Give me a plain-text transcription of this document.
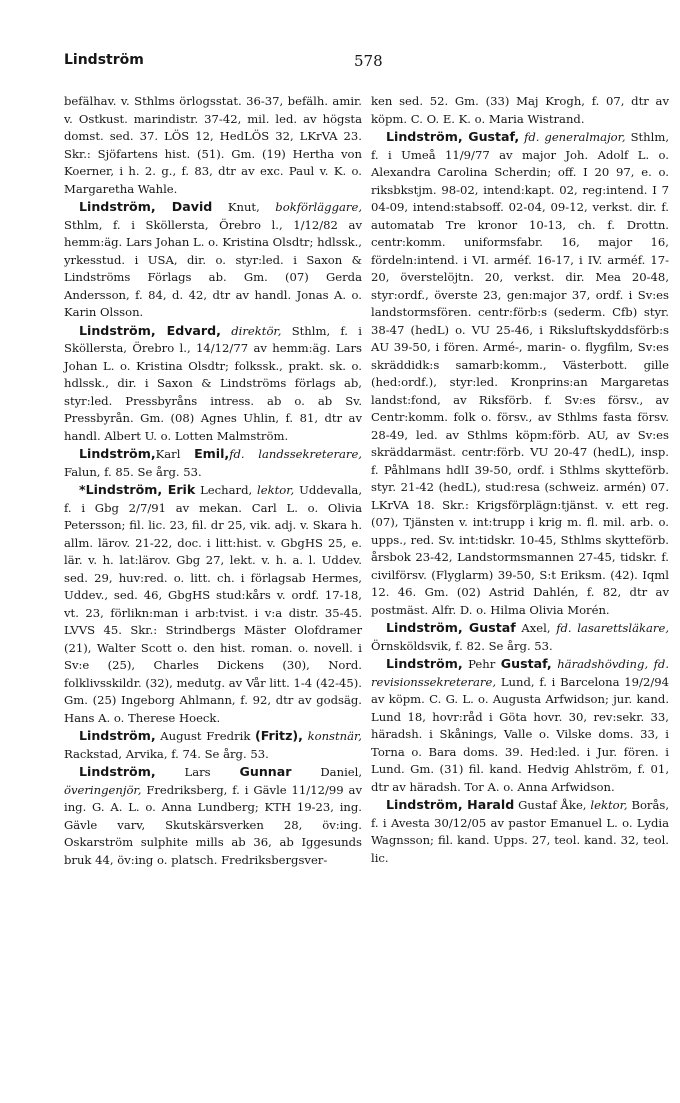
Lindström	578

befälhav. v. Sthlms örlogsstat. 36-37, befälh. amir. v. Ostkust. marindistr. 37-42, mil. led. av högsta domst. sed. 37. LÖS 12, HedLÖS 32, LKrVA 23. Skr.: Sjöfartens hist. (51). Gm. (19) Hertha von Koerner, i h. 2. g., f. 83, dtr av exc. Paul v. K. o. Margaretha Wahle.

Lindström, David Knut, bokförläggare, Sthlm, f. i Sköllersta, Örebro l., 1/12/82 av hemm:äg. Lars Johan L. o. Kristina Olsdtr; hdlssk., yrkesstud. i USA, dir. o. styr:led. i Saxon & Lindströms Förlags ab. Gm. (07) Gerda Andersson, f. 84, d. 42, dtr av handl. Jonas A. o. Karin Olsson.

Lindström, Edvard, direktör, Sthlm, f. i Sköllersta, Örebro l., 14/12/77 av hemm:äg. Lars Johan L. o. Kristina Olsdtr; folkssk., prakt. sk. o. hdlssk., dir. i Saxon & Lindströms förlags ab, styr:led. Pressbyråns intress. ab o. ab Sv. Pressbyrån. Gm. (08) Agnes Uhlin, f. 81, dtr av handl. Albert U. o. Lotten Malmström.

Lindström,Karl Emil,fd. landssekreterare, Falun, f. 85. Se årg. 53.

*Lindström, Erik Lechard, lektor, Uddevalla, f. i Gbg 2/7/91 av mekan. Carl L. o. Olivia Petersson; fil. lic. 23, fil. dr 25, vik. adj. v. Skara h. allm. lärov. 21-22, doc. i litt:hist. v. GbgHS 25, e. lär. v. h. lat:lärov. Gbg 27, lekt. v. h. a. l. Uddev. sed. 29, huv:red. o. litt. ch. i förlagsab Hermes, Uddev., sed. 46, GbgHS stud:kårs v. ordf. 17-18, vt. 23, förlikn:man i arb:tvist. i v:a distr. 35-45. LVVS 45. Skr.: Strindbergs Mäster Olofdramer (21), Walter Scott o. den hist. roman. o. novell. i Sv:e (25), Charles Dickens (30), Nord. folklivsskildr. (32), medutg. av Vår litt. 1-4 (42-45). Gm. (25) Ingeborg Ahlmann, f. 92, dtr av godsäg. Hans A. o. Therese Hoeck.

Lindström, August Fredrik (Fritz), konstnär, Rackstad, Arvika, f. 74. Se årg. 53.

Lindström, Lars Gunnar Daniel, överingenjör, Fredriksberg, f. i Gävle 11/12/99 av ing. G. A. L. o. Anna Lundberg; KTH 19-23, ing. Gävle varv, Skutskärsverken 28, öv:ing. Oskarström sulphite mills ab 36, ab Iggesunds bruk 44, öv:ing o. platsch. Fredriksbergsver-

ken sed. 52. Gm. (33) Maj Krogh, f. 07, dtr av köpm. C. O. E. K. o. Maria Wistrand.

Lindström, Gustaf, fd. generalmajor, Sthlm, f. i Umeå 11/9/77 av major Joh. Adolf L. o. Alexandra Carolina Scherdin; off. I 20 97, e. o. riksbkstjm. 98-02, intend:kapt. 02, reg:intend. I 7 04-09, intend:stabsoff. 02-04, 09-12, verkst. dir. f. automatab Tre kronor 10-13, ch. f. Drottn. centr:komm. uniformsfabr. 16, major 16, fördeln:intend. i VI. arméf. 16-17, i IV. arméf. 17-20, överstelöjtn. 20, verkst. dir. Mea 20-48, styr:ordf., överste 23, gen:major 37, ordf. i Sv:es landstormsfören. centr:förb:s (sederm. Cfb) styr. 38-47 (hedL) o. VU 25-46, i Riksluftskyddsförb:s AU 39-50, i fören. Armé-, marin- o. flygfilm, Sv:es skräddidk:s samarb:komm., Västerbott. gille (hed:ordf.), styr:led. Kronprins:an Margaretas landst:fond, av Riksförb. f. Sv:es försv., av Centr:komm. folk o. försv., av Sthlms fasta försv. 28-49, led. av Sthlms köpm:förb. AU, av Sv:es skräddarmäst. centr:förb. VU 20-47 (hedL), insp. f. Påhlmans hdlI 39-50, ordf. i Sthlms skytteförb. styr. 21-42 (hedL), stud:resa (schweiz. armén) 07. LKrVA 18. Skr.: Krigsförplägn:tjänst. v. ett reg. (07), Tjänsten v. int:trupp i krig m. fl. mil. arb. o. upps., red. Sv. int:tidskr. 10-45, Sthlms skytteförb. årsbok 23-42, Landstormsmannen 27-45, tidskr. f. civilförsv. (Flyglarm) 39-50, S:t Eriksm. (42). Iqml 12. 46. Gm. (02) Astrid Dahlén, f. 82, dtr av postmäst. Alfr. D. o. Hilma Olivia Morén.

Lindström, Gustaf Axel, fd. lasarettsläkare, Örnsköldsvik, f. 82. Se årg. 53.

Lindström, Pehr Gustaf, häradshövding, fd. revisionssekreterare, Lund, f. i Barcelona 19/2/94 av köpm. C. G. L. o. Augusta Arfwidson; jur. kand. Lund 18, hovr:råd i Göta hovr. 30, rev:sekr. 33, häradsh. i Skånings, Valle o. Vilske doms. 33, i Torna o. Bara doms. 39. Hed:led. i Jur. fören. i Lund. Gm. (31) fil. kand. Hedvig Ahlström, f. 01, dtr av häradsh. Tor A. o. Anna Arfwidson.

Lindström, Harald Gustaf Åke, lektor, Borås, f. i Avesta 30/12/05 av pastor Emanuel L. o. Lydia Wagnsson; fil. kand. Upps. 27, teol. kand. 32, teol. lic.
